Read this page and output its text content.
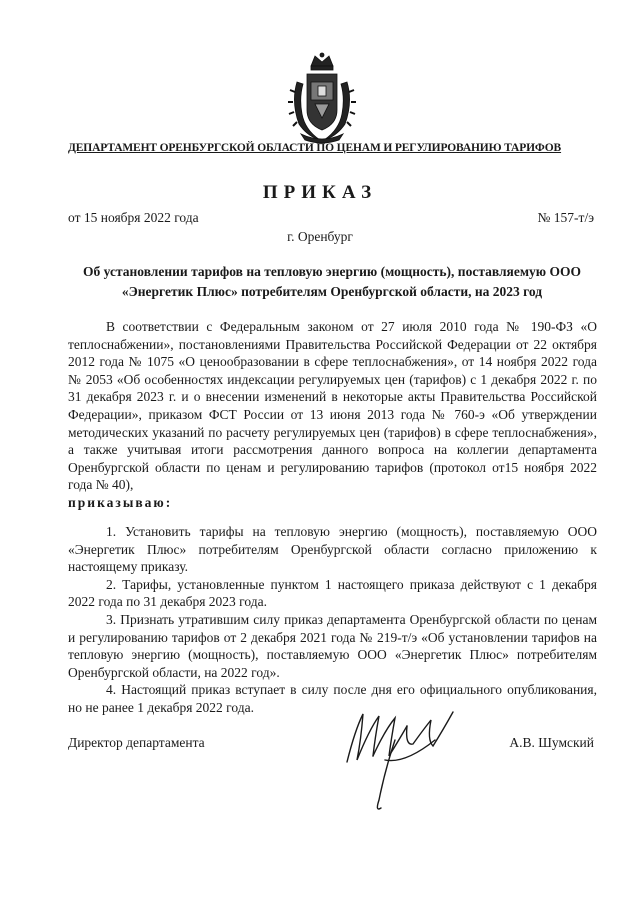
ДЕПАРТАМЕНТ ОРЕНБУРГСКОЙ ОБЛАСТИ ПО ЦЕНАМ И РЕГУЛИРОВАНИЮ ТАРИФОВ
ПРИКАЗ
от 15 ноября 2022 года	№ 157-т/э
г. Оренбург
Об установлении тарифов на тепловую энергию (мощность), поставляемую ООО «Энергетик Плюс» потребителям Оренбургской области, на 2023 год

В соответствии с Федеральным законом от 27 июля 2010 года № 190-ФЗ «О теплоснабжении», постановлениями Правительства Российской Федерации от 22 октября 2012 года № 1075 «О ценообразовании в сфере теплоснабжения», от 14 ноября 2022 года № 2053 «Об особенностях индексации регулируемых цен (тарифов) с 1 декабря 2022 г. по 31 декабря 2023 г. и о внесении изменений в некоторые акты Правительства Российской Федерации», приказом ФСТ России от 13 июня 2013 года № 760-э «Об утверждении методических указаний по расчету регулируемых цен (тарифов) в сфере теплоснабжения», а также учитывая итоги рассмотрения данного вопроса на коллегии департамента Оренбургской области по ценам и регулированию тарифов (протокол от15 ноября 2022 года № 40),
приказываю:

1. Установить тарифы на тепловую энергию (мощность), поставляемую ООО «Энергетик Плюс» потребителям Оренбургской области согласно приложению к настоящему приказу.

2. Тарифы, установленные пунктом 1 настоящего приказа действуют с 1 декабря 2022 года по 31 декабря 2023 года.

3. Признать утратившим силу приказ департамента Оренбургской области по ценам и регулированию тарифов от 2 декабря 2021 года № 219-т/э «Об установлении тарифов на тепловую энергию (мощность), поставляемую ООО «Энергетик Плюс» потребителям Оренбургской области, на 2022 год».

4. Настоящий приказ вступает в силу после дня его официального опубликования, но не ранее 1 декабря 2022 года.

Директор департамента	А.В. Шумский
